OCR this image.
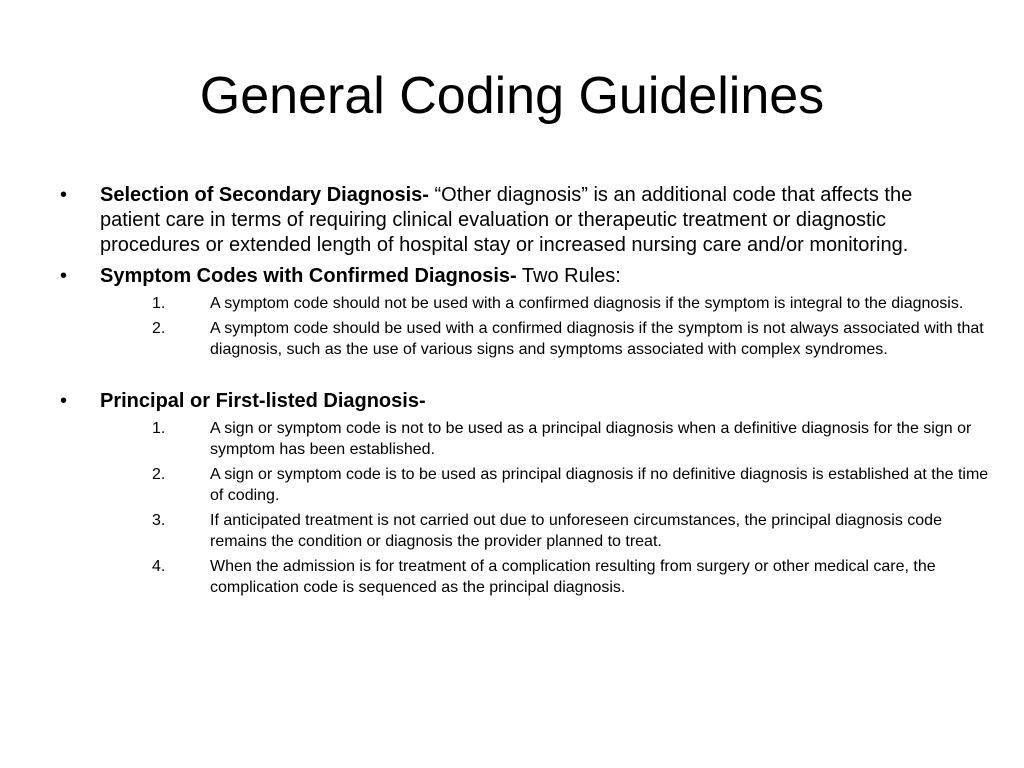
General Coding Guidelines
•	Selection of Secondary Diagnosis- “Other diagnosis” is an additional code that affects the patient care in terms of requiring clinical evaluation or therapeutic treatment or diagnostic procedures or extended length of hospital stay or increased nursing care and/or monitoring.
•	Symptom Codes with Confirmed Diagnosis- Two Rules:
1.	A symptom code should not be used with a confirmed diagnosis if the symptom is integral to the diagnosis.
2.	A symptom code should be used with a confirmed diagnosis if the symptom is not always associated with that diagnosis, such as the use of various signs and symptoms associated with complex syndromes.
•	Principal or First-listed Diagnosis-
1.	A sign or symptom code is not to be used as a principal diagnosis when a definitive diagnosis for the sign or symptom has been established.
2.	A sign or symptom code is to be used as principal diagnosis if no definitive diagnosis is established at the time of coding.
3.	If anticipated treatment is not carried out due to unforeseen circumstances, the principal diagnosis code remains the condition or diagnosis the provider planned to treat.
4.	When the admission is for treatment of a complication resulting from surgery or other medical care, the complication code is sequenced as the principal diagnosis.
